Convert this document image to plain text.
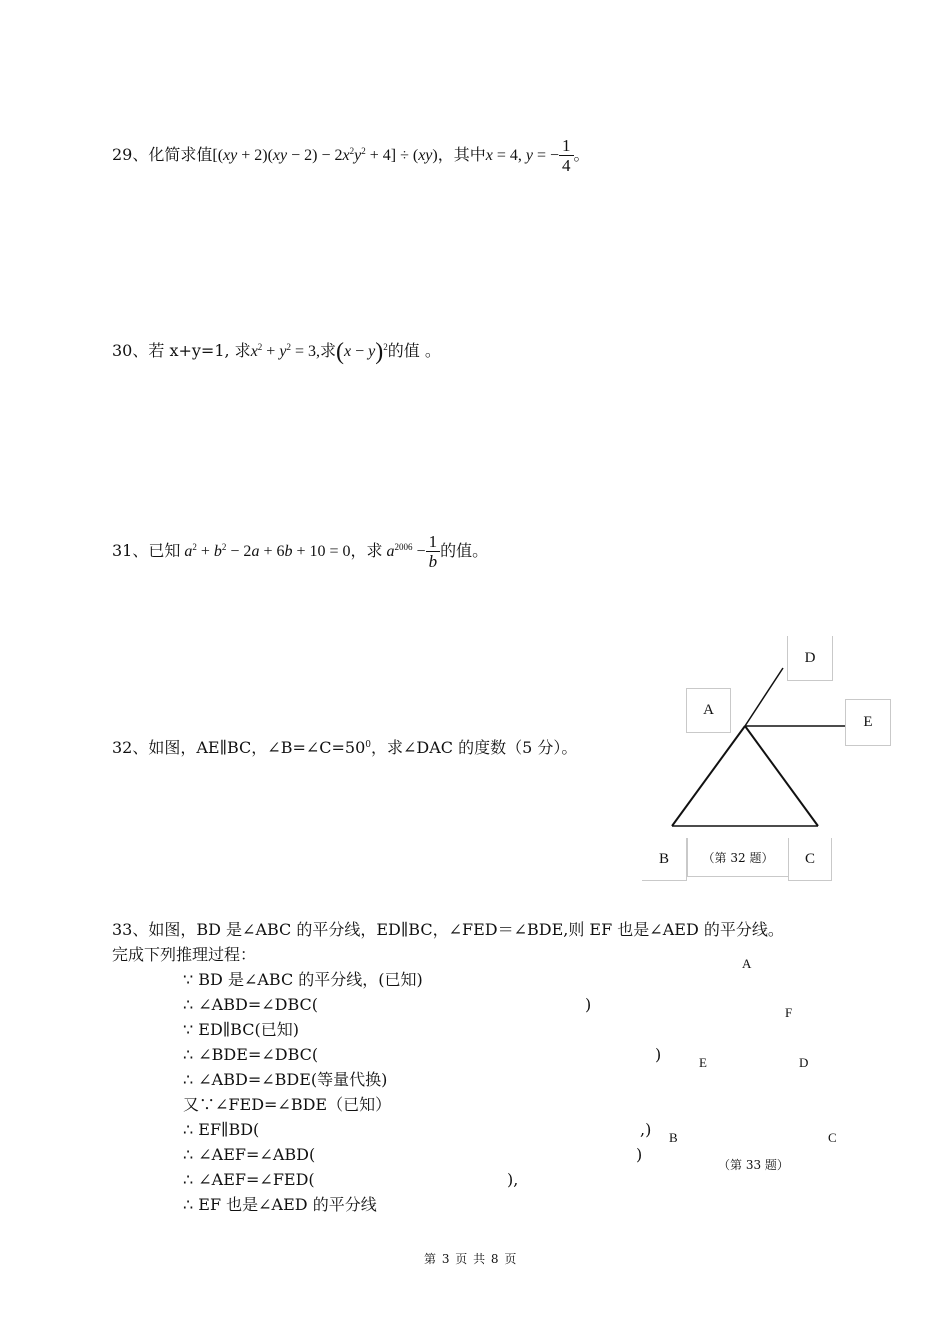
29、化简求值$[(xy + 2)(xy - 2) - 2x^2y^2 + 4] \div (xy)$，其中x = 4, y = − $\frac{1}{4}$ 。
30、若 x+y=1, 求$x^2 + y^2 = 3$,求$(x - y)^2$的值 。
31、已知 $a^2 + b^2 - 2a + 6b + 10 = 0$，求 $a^{2006} - \frac{1}{b}$ 的值。
32、如图，AE∥BC，$\angle B=\angle C=50^0$，求∠DAC 的度数（5 分）。
D
A
E
B	C
（第 32 题）
33、如图，BD 是∠ABC 的平分线，ED∥BC，∠FED＝∠BDE,则 EF 也是∠AED 的平分线。
完成下列推理过程：
∵ BD 是∠ABC 的平分线，(已知)
∴ ∠ABD=∠DBC(	)
∵ ED∥BC(已知)
∴ ∠BDE=∠DBC(	)
∴ ∠ABD=∠BDE(等量代换)
又∵∠FED=∠BDE（已知）
∴ EF∥BD(	,)
∴ ∠AEF=∠ABD(	)
∴ ∠AEF=∠FED(	),
∴ EF 也是∠AED 的平分线
A
F
E	D
B	C
（第 33 题）
第 3 页 共 8 页
